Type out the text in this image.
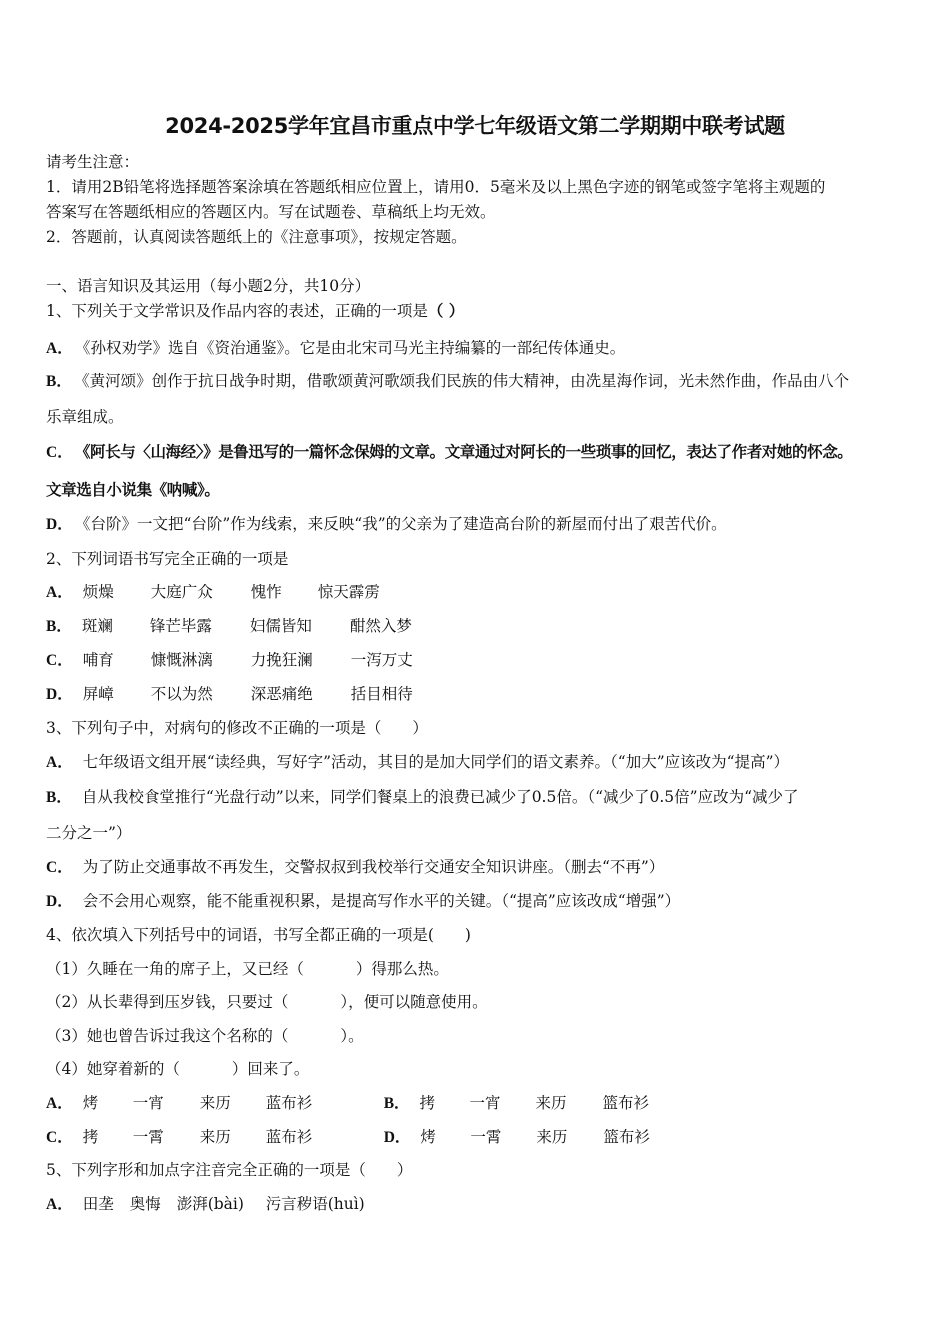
2024-2025学年宜昌市重点中学七年级语文第二学期期中联考试题
请考生注意：
1．请用2B铅笔将选择题答案涂填在答题纸相应位置上，请用0．5毫米及以上黑色字迹的钢笔或签字笔将主观题的
答案写在答题纸相应的答题区内。写在试题卷、草稿纸上均无效。
2．答题前，认真阅读答题纸上的《注意事项》，按规定答题。
一、语言知识及其运用（每小题2分，共10分）
1、下列关于文学常识及作品内容的表述，正确的一项是（ ）
A． 《孙权劝学》选自《资治通鉴》。它是由北宋司马光主持编纂的一部纪传体通史。
B． 《黄河颂》创作于抗日战争时期，借歌颂黄河歌颂我们民族的伟大精神，由冼星海作词，光未然作曲，作品由八个
乐章组成。
C． 《阿长与〈山海经〉》是鲁迅写的一篇怀念保姆的文章。文章通过对阿长的一些琐事的回忆，表达了作者对她的怀念。
文章选自小说集《呐喊》。
D． 《台阶》一文把“台阶”作为线索，来反映“我”的父亲为了建造高台阶的新屋而付出了艰苦代价。
2、下列词语书写完全正确的一项是
A． 烦燥 大庭广众 愧怍 惊天霹雳
B． 斑斓 锋芒毕露 妇儒皆知 酣然入梦
C． 哺育 慷慨淋漓 力挽狂澜 一泻万丈
D． 屏嶂 不以为然 深恶痛绝 括目相待
3、下列句子中，对病句的修改不正确的一项是（　　）
A． 七年级语文组开展“读经典，写好字”活动，其目的是加大同学们的语文素养。（“加大”应该改为“提高”）
B． 自从我校食堂推行“光盘行动”以来，同学们餐桌上的浪费已减少了0.5倍。（“减少了0.5倍”应改为“减少了
二分之一”）
C． 为了防止交通事故不再发生，交警叔叔到我校举行交通安全知识讲座。（删去“不再”）
D． 会不会用心观察，能不能重视积累，是提高写作水平的关键。（“提高”应该改成“增强”）
4、依次填入下列括号中的词语，书写全都正确的一项是(　　)
（1）久睡在一角的席子上，又已经（	）得那么热。
（2）从长辈得到压岁钱，只要过（	），便可以随意使用。
（3）她也曾告诉过我这个名称的（	）。
（4）她穿着新的（	）回来了。
A． 烤 一宵 来历 蓝布衫	B． 拷 一宵 来历 篮布衫
C． 拷 一霄 来历 蓝布衫	D． 烤 一霄 来历 篮布衫
5、下列字形和加点字注音完全正确的一项是（　　）
A． 田垄 奥悔 澎湃(bài) 污言秽语(huì)
